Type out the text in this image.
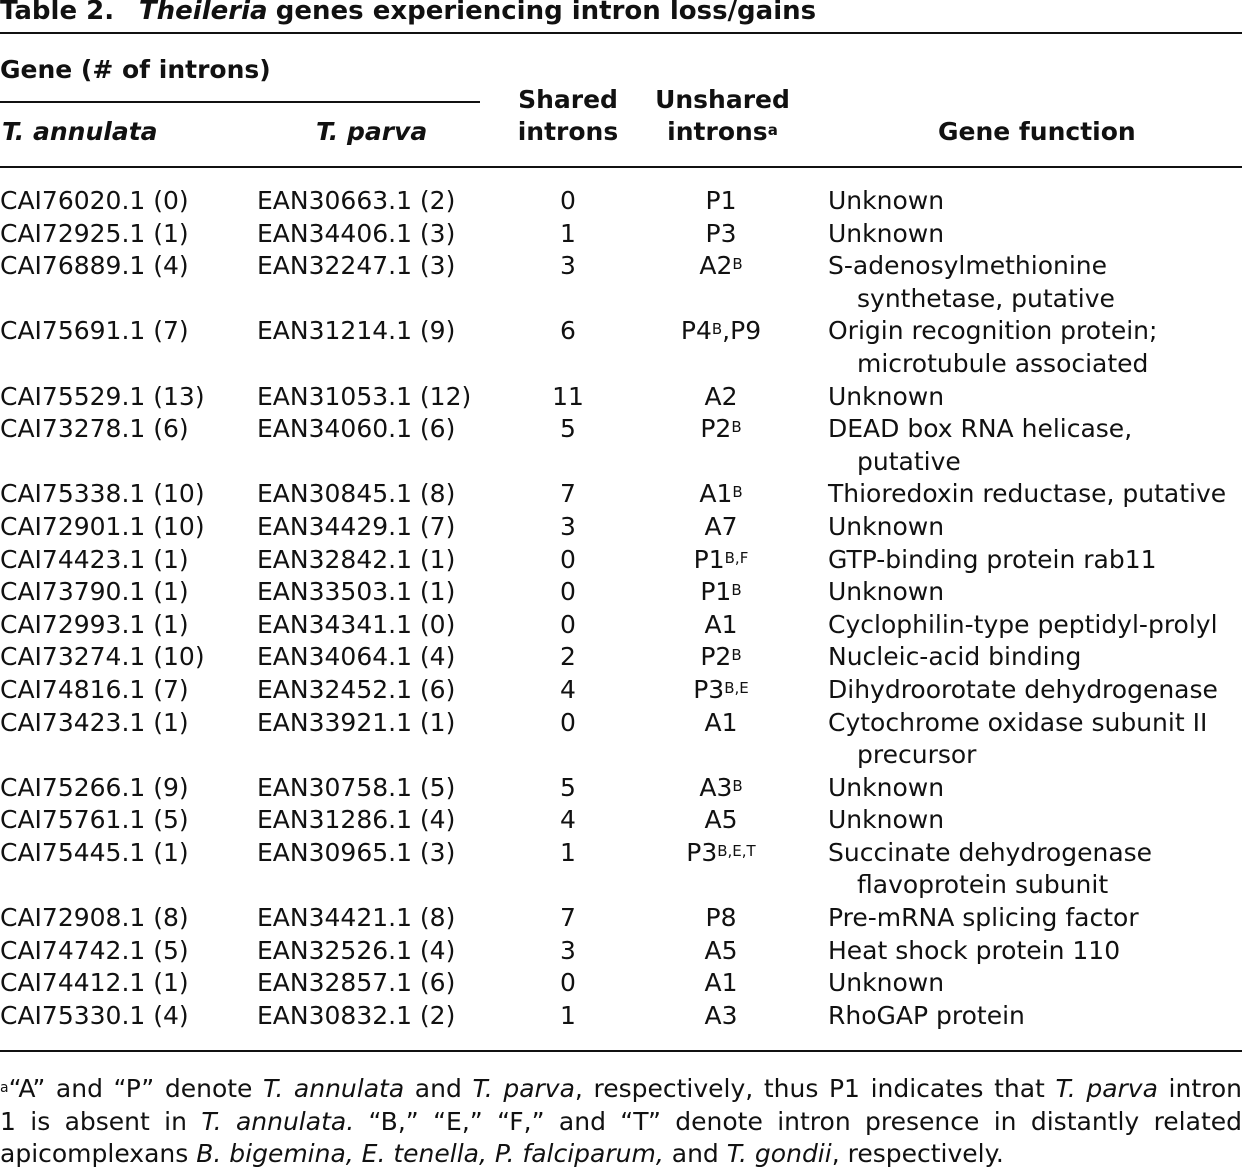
Table 2. Theileria genes experiencing intron loss/gains
Gene (# of introns)
T. annulata	T. parva
Shared
introns
Unshared
introns$^a$	Gene function
CAI76020.1 (0)	EAN30663.1 (2)	0	P1	Unknown
CAI72925.1 (1)	EAN34406.1 (3)	1	P3	Unknown
CAI76889.1 (4)	EAN32247.1 (3)	3	$A2^B$	S-adenosylmethionine
synthetase, putative
CAI75691.1 (7)	EAN31214.1 (9)	6	$P4^B,P9$	Origin recognition protein;
microtubule associated
CAI75529.1 (13) EAN31053.1 (12)	11	A2	Unknown
CAI73278.1 (6)	EAN34060.1 (6)	5	$P2^B$	DEAD box RNA helicase,
putative
CAI75338.1 (10) EAN30845.1 (8)	7	$A1^B$	Thioredoxin reductase, putative
CAI72901.1 (10) EAN34429.1 (7)	3	A7	Unknown
CAI74423.1 (1)	EAN32842.1 (1)	0	$P1^{B,F}$	GTP-binding protein rab11
CAI73790.1 (1)	EAN33503.1 (1)	0	$P1^B$	Unknown
CAI72993.1 (1)	EAN34341.1 (0)	0	A1	Cyclophilin-type peptidyl-prolyl
CAI73274.1 (10) EAN34064.1 (4)	2	$P2^B$	Nucleic-acid binding
CAI74816.1 (7)	EAN32452.1 (6)	4	$P3^{B,E}$	Dihydroorotate dehydrogenase
CAI73423.1 (1)	EAN33921.1 (1)	0	A1	Cytochrome oxidase subunit II
precursor
CAI75266.1 (9)	EAN30758.1 (5)	5	$A3^B$	Unknown
CAI75761.1 (5)	EAN31286.1 (4)	4	A5	Unknown
CAI75445.1 (1)	EAN30965.1 (3)	1	$P3^{B,E,T}$	Succinate dehydrogenase
flavoprotein subunit
CAI72908.1 (8)	EAN34421.1 (8)	7	P8	Pre-mRNA splicing factor
CAI74742.1 (5)	EAN32526.1 (4)	3	A5	Heat shock protein 110
CAI74412.1 (1)	EAN32857.1 (6)	0	A1	Unknown
CAI75330.1 (4)	EAN30832.1 (2)	1	A3	RhoGAP protein
$^a$“A” and “P” denote T. annulata and T. parva, respectively, thus P1 indicates that T. parva intron
1 is absent in T. annulata. “B,” “E,” “F,” and “T” denote intron presence in distantly related
apicomplexans B. bigemina, E. tenella, P. falciparum, and T. gondii, respectively.
